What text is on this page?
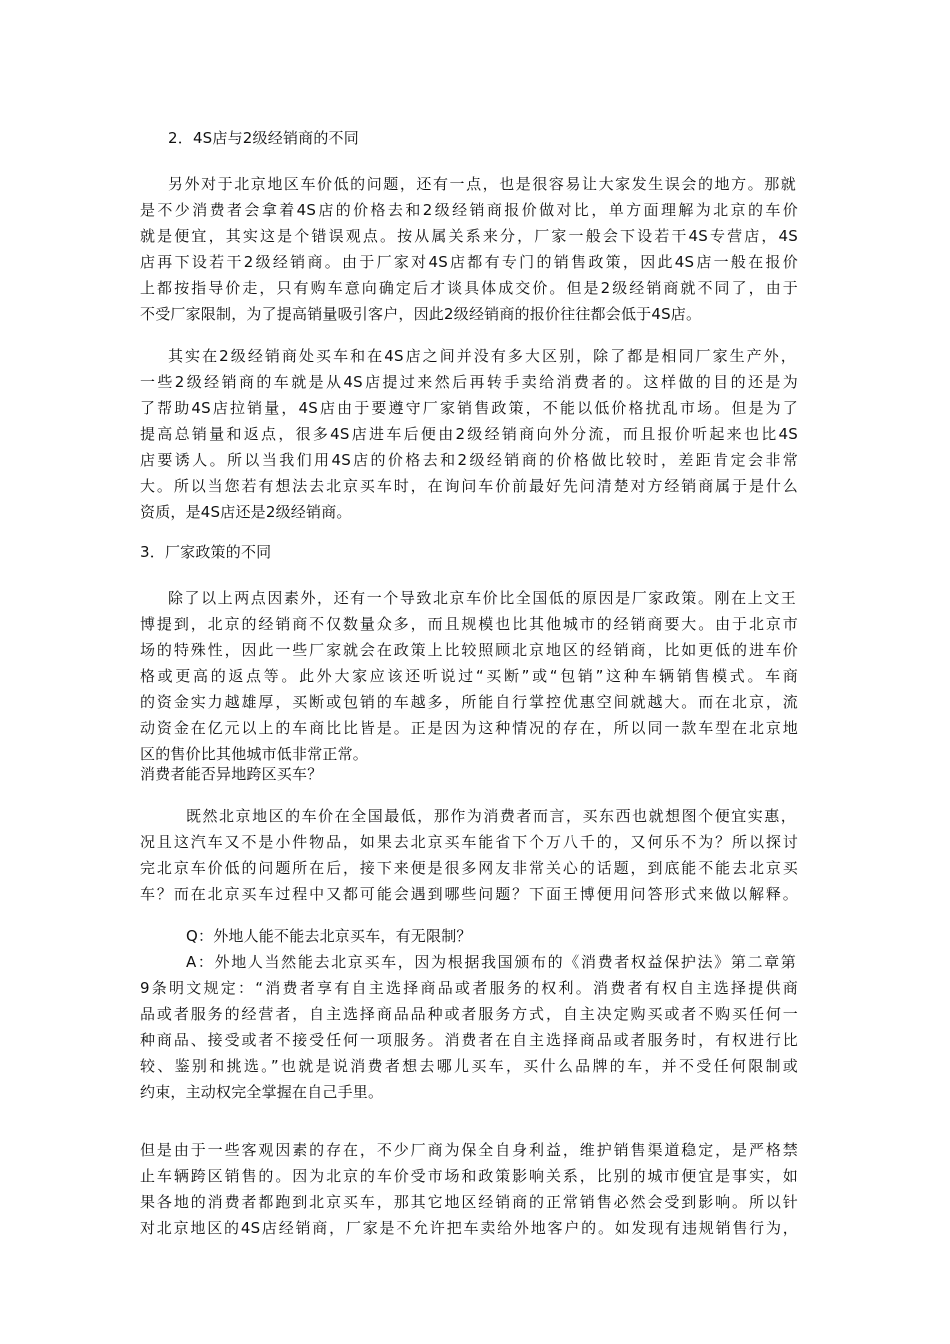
2．4S店与2级经销商的不同
另外对于北京地区车价低的问题，还有一点，也是很容易让大家发生误会的地方。那就
是不少消费者会拿着4S店的价格去和2级经销商报价做对比，单方面理解为北京的车价
就是便宜，其实这是个错误观点。按从属关系来分，厂家一般会下设若干4S专营店，4S
店再下设若干2级经销商。由于厂家对4S店都有专门的销售政策，因此4S店一般在报价
上都按指导价走，只有购车意向确定后才谈具体成交价。但是2级经销商就不同了，由于
不受厂家限制，为了提高销量吸引客户，因此2级经销商的报价往往都会低于4S店。
其实在2级经销商处买车和在4S店之间并没有多大区别，除了都是相同厂家生产外，
一些2级经销商的车就是从4S店提过来然后再转手卖给消费者的。这样做的目的还是为
了帮助4S店拉销量，4S店由于要遵守厂家销售政策，不能以低价格扰乱市场。但是为了
提高总销量和返点，很多4S店进车后便由2级经销商向外分流，而且报价听起来也比4S
店要诱人。所以当我们用4S店的价格去和2级经销商的价格做比较时，差距肯定会非常
大。所以当您若有想法去北京买车时，在询问车价前最好先问清楚对方经销商属于是什么
资质，是4S店还是2级经销商。
3．厂家政策的不同
除了以上两点因素外，还有一个导致北京车价比全国低的原因是厂家政策。刚在上文王
博提到，北京的经销商不仅数量众多，而且规模也比其他城市的经销商要大。由于北京市
场的特殊性，因此一些厂家就会在政策上比较照顾北京地区的经销商，比如更低的进车价
格或更高的返点等。此外大家应该还听说过“买断”或“包销”这种车辆销售模式。车商
的资金实力越雄厚，买断或包销的车越多，所能自行掌控优惠空间就越大。而在北京，流
动资金在亿元以上的车商比比皆是。正是因为这种情况的存在，所以同一款车型在北京地
区的售价比其他城市低非常正常。
消费者能否异地跨区买车？
既然北京地区的车价在全国最低，那作为消费者而言，买东西也就想图个便宜实惠，
况且这汽车又不是小件物品，如果去北京买车能省下个万八千的，又何乐不为？所以探讨
完北京车价低的问题所在后，接下来便是很多网友非常关心的话题，到底能不能去北京买
车？而在北京买车过程中又都可能会遇到哪些问题？下面王博便用问答形式来做以解释。
Q：外地人能不能去北京买车，有无限制？
A：外地人当然能去北京买车，因为根据我国颁布的《消费者权益保护法》第二章第
9条明文规定：“消费者享有自主选择商品或者服务的权利。消费者有权自主选择提供商
品或者服务的经营者，自主选择商品品种或者服务方式，自主决定购买或者不购买任何一
种商品、接受或者不接受任何一项服务。消费者在自主选择商品或者服务时，有权进行比
较、鉴别和挑选。”也就是说消费者想去哪儿买车，买什么品牌的车，并不受任何限制或
约束，主动权完全掌握在自己手里。
但是由于一些客观因素的存在，不少厂商为保全自身利益，维护销售渠道稳定，是严格禁
止车辆跨区销售的。因为北京的车价受市场和政策影响关系，比别的城市便宜是事实，如
果各地的消费者都跑到北京买车，那其它地区经销商的正常销售必然会受到影响。所以针
对北京地区的4S店经销商，厂家是不允许把车卖给外地客户的。如发现有违规销售行为，
